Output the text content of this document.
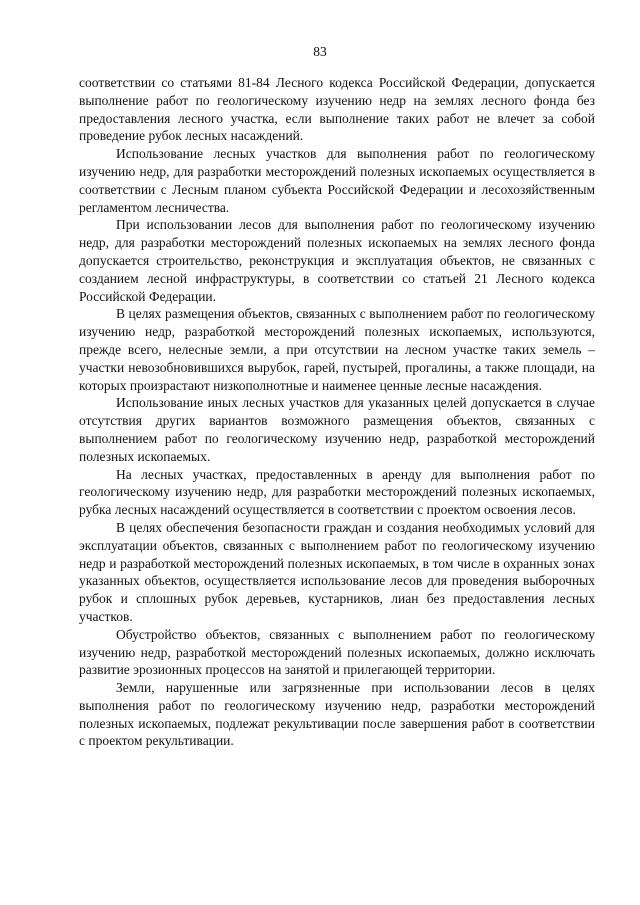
83

соответствии со статьями 81-84 Лесного кодекса Российской Федерации, допускается выполнение работ по геологическому изучению недр на землях лесного фонда без предоставления лесного участка, если выполнение таких работ не влечет за собой проведение рубок лесных насаждений.

Использование лесных участков для выполнения работ по геологическому изучению недр, для разработки месторождений полезных ископаемых осуществляется в соответствии с Лесным планом субъекта Российской Федерации и лесохозяйственным регламентом лесничества.

При использовании лесов для выполнения работ по геологическому изучению недр, для разработки месторождений полезных ископаемых на землях лесного фонда допускается строительство, реконструкция и эксплуатация объектов, не связанных с созданием лесной инфраструктуры, в соответствии со статьей 21 Лесного кодекса Российской Федерации.

В целях размещения объектов, связанных с выполнением работ по геологическому изучению недр, разработкой месторождений полезных ископаемых, используются, прежде всего, нелесные земли, а при отсутствии на лесном участке таких земель – участки невозобновившихся вырубок, гарей, пустырей, прогалины, а также площади, на которых произрастают низкополнотные и наименее ценные лесные насаждения.

Использование иных лесных участков для указанных целей допускается в случае отсутствия других вариантов возможного размещения объектов, связанных с выполнением работ по геологическому изучению недр, разработкой месторождений полезных ископаемых.

На лесных участках, предоставленных в аренду для выполнения работ по геологическому изучению недр, для разработки месторождений полезных ископаемых, рубка лесных насаждений осуществляется в соответствии с проектом освоения лесов.

В целях обеспечения безопасности граждан и создания необходимых условий для эксплуатации объектов, связанных с выполнением работ по геологическому изучению недр и разработкой месторождений полезных ископаемых, в том числе в охранных зонах указанных объектов, осуществляется использование лесов для проведения выборочных рубок и сплошных рубок деревьев, кустарников, лиан без предоставления лесных участков.

Обустройство объектов, связанных с выполнением работ по геологическому изучению недр, разработкой месторождений полезных ископаемых, должно исключать развитие эрозионных процессов на занятой и прилегающей территории.

Земли, нарушенные или загрязненные при использовании лесов в целях выполнения работ по геологическому изучению недр, разработки месторождений полезных ископаемых, подлежат рекультивации после завершения работ в соответствии с проектом рекультивации.
